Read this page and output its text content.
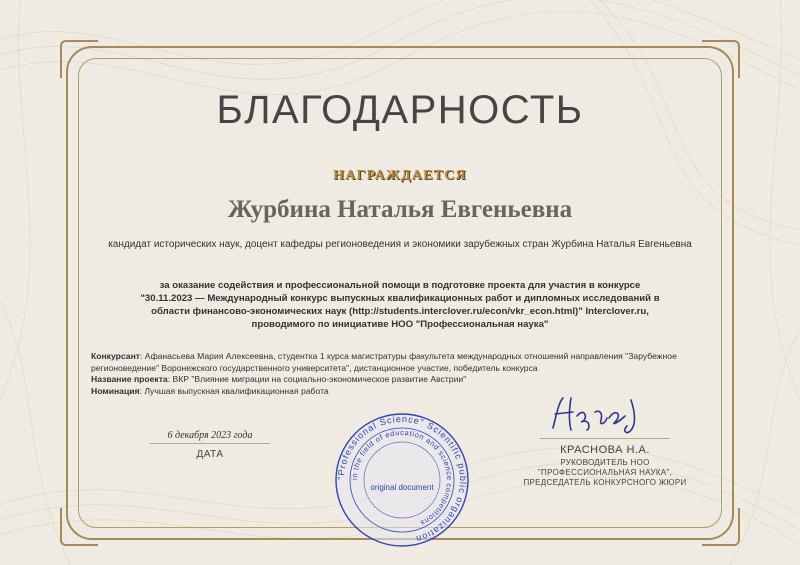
БЛАГОДАРНОСТЬ
НАГРАЖДАЕТСЯ
Журбина Наталья Евгеньевна
кандидат исторических наук, доцент кафедры регионоведения и экономики зарубежных стран Журбина Наталья Евгеньевна
за оказание содействия и профессиональной помощи в подготовке проекта для участия в конкурсе
"30.11.2023 — Международный конкурс выпускных квалификационных работ и дипломных исследований в
области финансово-экономических наук (http://students.interclover.ru/econ/vkr_econ.html)" Interclover.ru,
проводимого по инициативе НОО "Профессиональная наука"
Конкурсант: Афанасьева Мария Алексеевна, студентка 1 курса магистратуры факультета международных отношений направления "Зарубежное регионоведение" Воронежского государственного университета", дистанционное участие, победитель конкурса
Название проекта: ВКР "Влияние миграции на социально-экономическое развитие Австрии"
Номинация: Лучшая выпускная квалификационная работа
6 декабря 2023 года
ДАТА	КРАСНОВА Н.А.
РУКОВОДИТЕЛЬ НОО "ПРОФЕССИОНАЛЬНАЯ НАУКА", ПРЕДСЕДАТЕЛЬ КОНКУРСНОГО ЖЮРИ
"Professional Science" Scientific public organization
in the field of education and science competitions
original document
